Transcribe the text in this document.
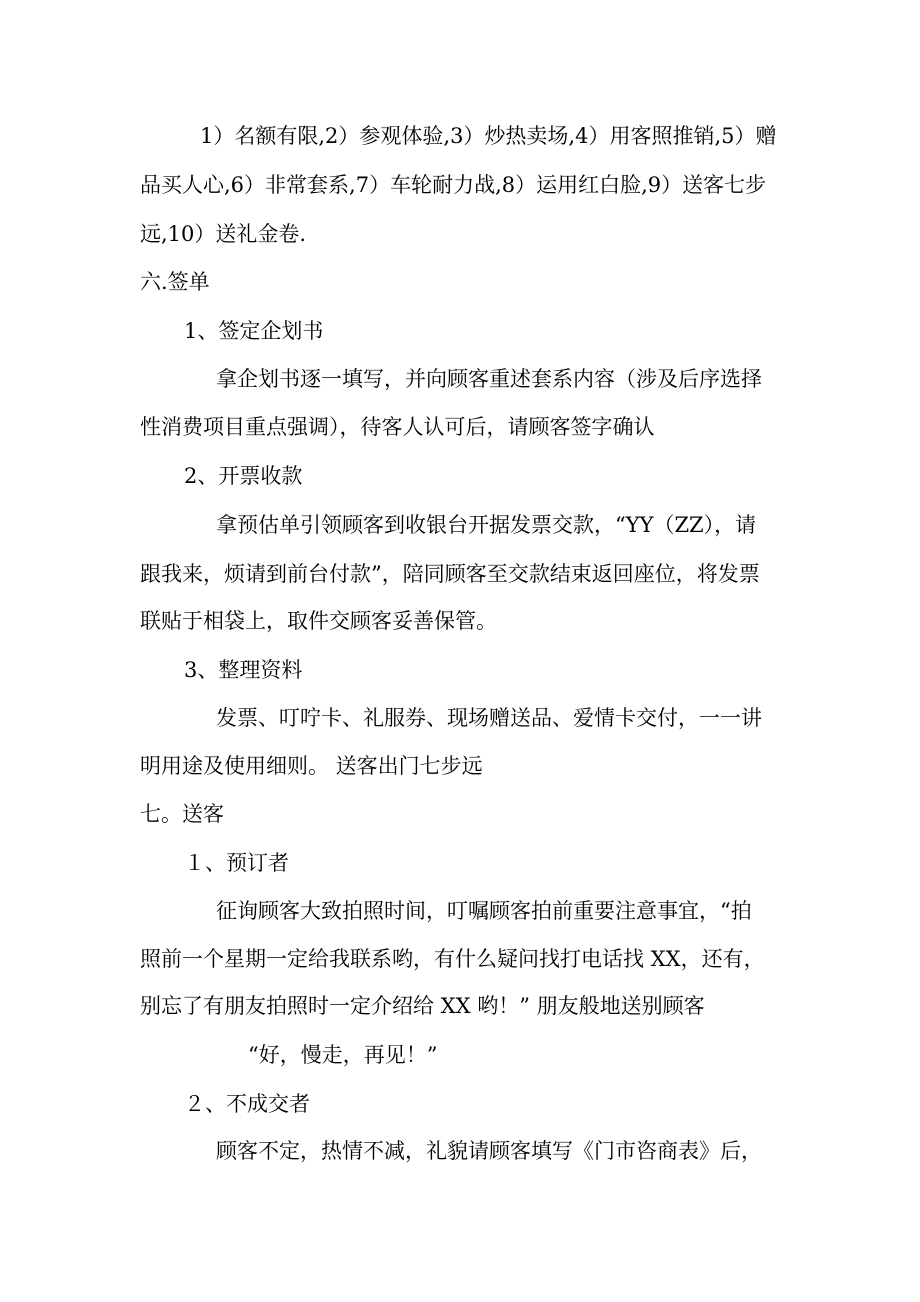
1）名额有限,2）参观体验,3）炒热卖场,4）用客照推销,5）赠

品买人心,6）非常套系,7）车轮耐力战,8）运用红白脸,9）送客七步

远,10）送礼金卷.

六.签单

1、签定企划书

拿企划书逐一填写，并向顾客重述套系内容（涉及后序选择

性消费项目重点强调），待客人认可后，请顾客签字确认

2、开票收款

拿预估单引领顾客到收银台开据发票交款，“YY（ZZ），请

跟我来，烦请到前台付款”，陪同顾客至交款结束返回座位，将发票

联贴于相袋上，取件交顾客妥善保管。

3、整理资料

发票、叮咛卡、礼服券、现场赠送品、爱情卡交付，一一讲

明用途及使用细则。 送客出门七步远

七。送客

１、预订者

征询顾客大致拍照时间，叮嘱顾客拍前重要注意事宜，“拍

照前一个星期一定给我联系哟，有什么疑问找打电话找 XX，还有，

别忘了有朋友拍照时一定介绍给 XX 哟！” 朋友般地送别顾客

“好，慢走，再见！”

２、不成交者

顾客不定，热情不减，礼貌请顾客填写《门市咨商表》后，
